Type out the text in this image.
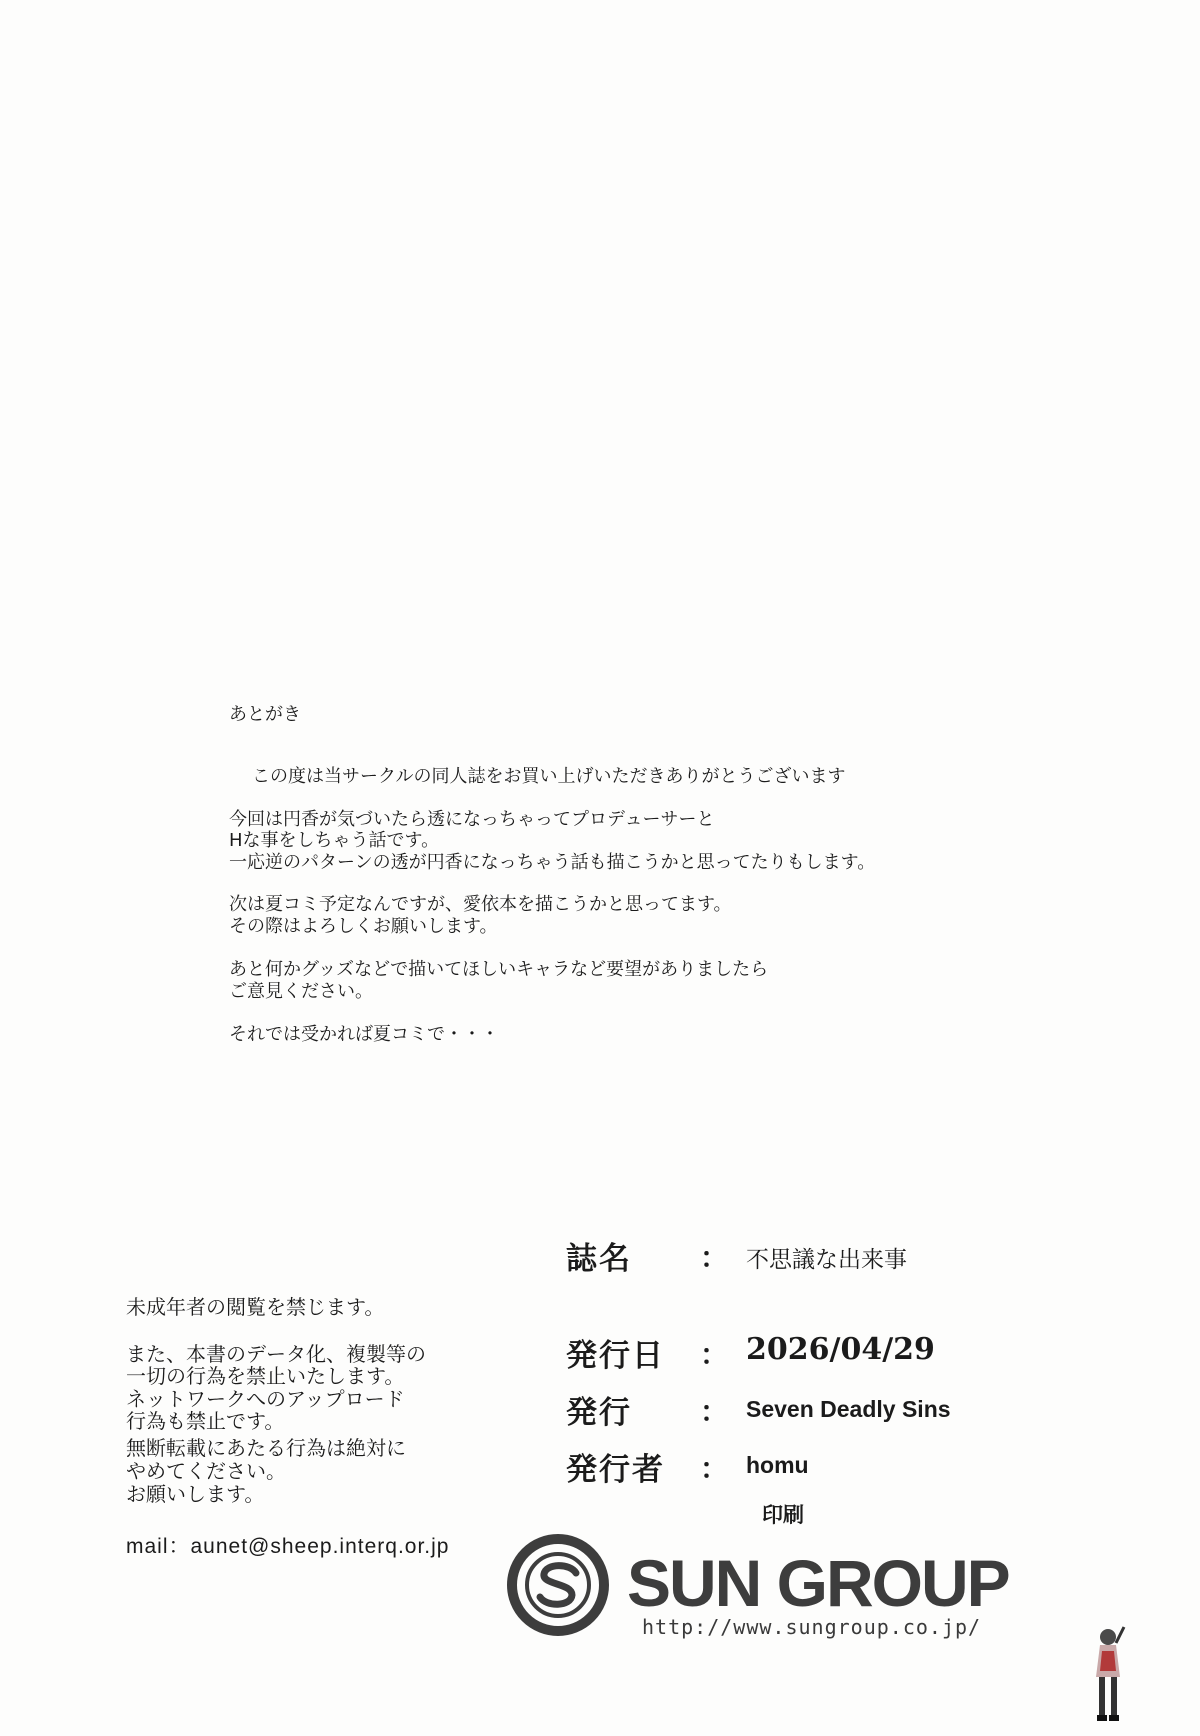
あとがき
この度は当サークルの同人誌をお買い上げいただきありがとうございます
今回は円香が気づいたら透になっちゃってプロデューサーと
Hな事をしちゃう話です。
一応逆のパターンの透が円香になっちゃう話も描こうかと思ってたりもします。
次は夏コミ予定なんですが、愛依本を描こうかと思ってます。
その際はよろしくお願いします。
あと何かグッズなどで描いてほしいキャラなど要望がありましたら
ご意見ください。
それでは受かれば夏コミで・・・
誌名 ： 不思議な出来事
発行日 ： 2026/04/29
発行 ： Seven Deadly Sins
発行者 ： homu
印刷
未成年者の閲覧を禁じます。
また、本書のデータ化、複製等の
一切の行為を禁止いたします。
ネットワークへのアップロード
行為も禁止です。
無断転載にあたる行為は絶対に
やめてください。
お願いします。
mail：aunet@sheep.interq.or.jp	SUN GROUP
http://www.sungroup.co.jp/
